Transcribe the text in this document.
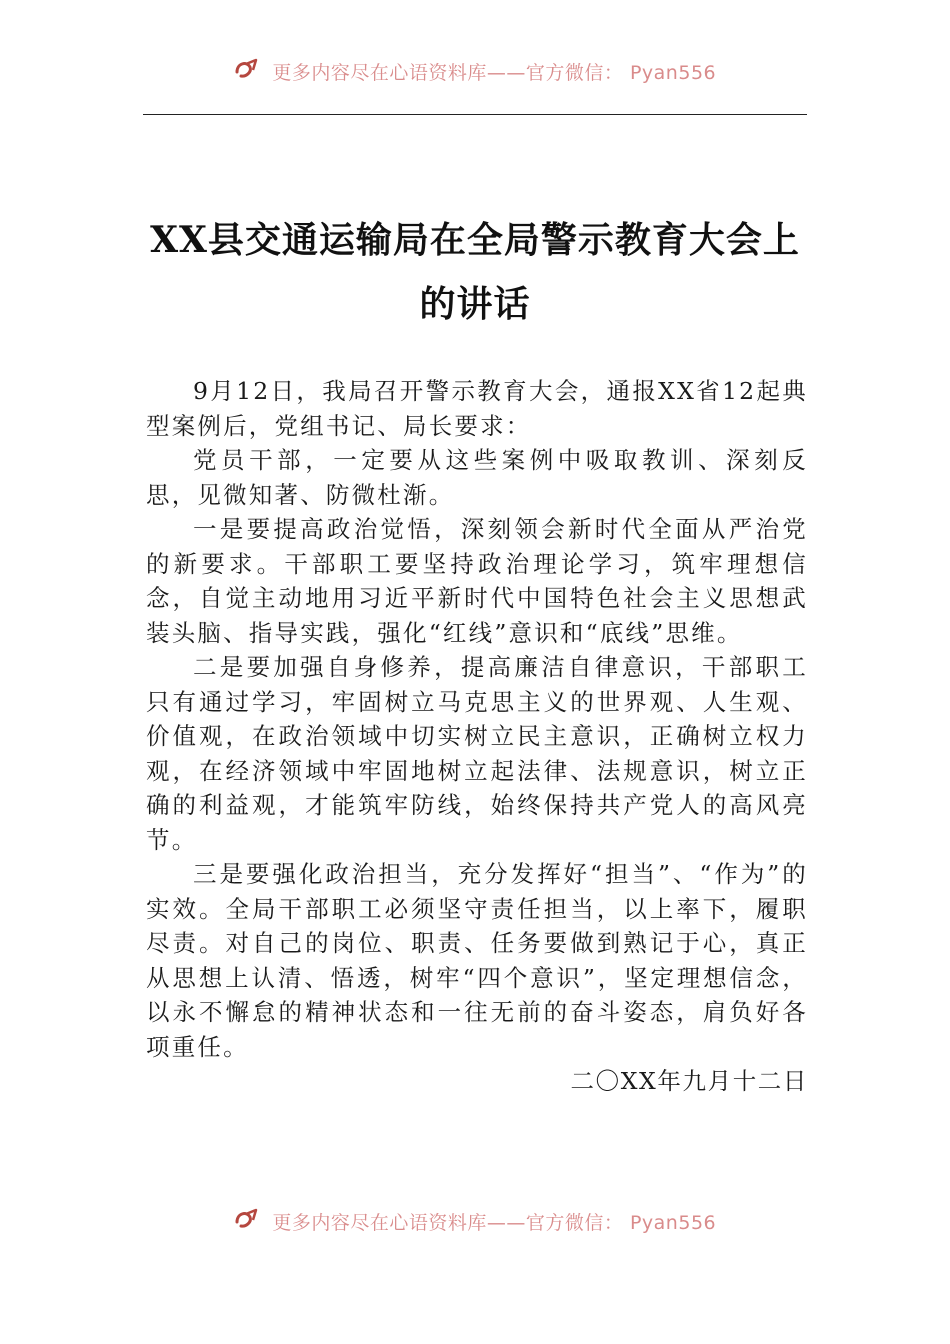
更多内容尽在心语资料库——官方微信： Pyan556
XX县交通运输局在全局警示教育大会上的讲话

9月12日，我局召开警示教育大会，通报XX省12起典型案例后，党组书记、局长要求：

党员干部，一定要从这些案例中吸取教训、深刻反思，见微知著、防微杜渐。

一是要提高政治觉悟，深刻领会新时代全面从严治党的新要求。干部职工要坚持政治理论学习，筑牢理想信念，自觉主动地用习近平新时代中国特色社会主义思想武装头脑、指导实践，强化“红线”意识和“底线”思维。

二是要加强自身修养，提高廉洁自律意识，干部职工只有通过学习，牢固树立马克思主义的世界观、人生观、价值观，在政治领域中切实树立民主意识，正确树立权力观，在经济领域中牢固地树立起法律、法规意识，树立正确的利益观，才能筑牢防线，始终保持共产党人的高风亮节。

三是要强化政治担当，充分发挥好“担当”、“作为”的实效。全局干部职工必须坚守责任担当，以上率下，履职尽责。对自己的岗位、职责、任务要做到熟记于心，真正从思想上认清、悟透，树牢“四个意识”，坚定理想信念，以永不懈怠的精神状态和一往无前的奋斗姿态，肩负好各项重任。

二〇XX年九月十二日

更多内容尽在心语资料库——官方微信： Pyan556
